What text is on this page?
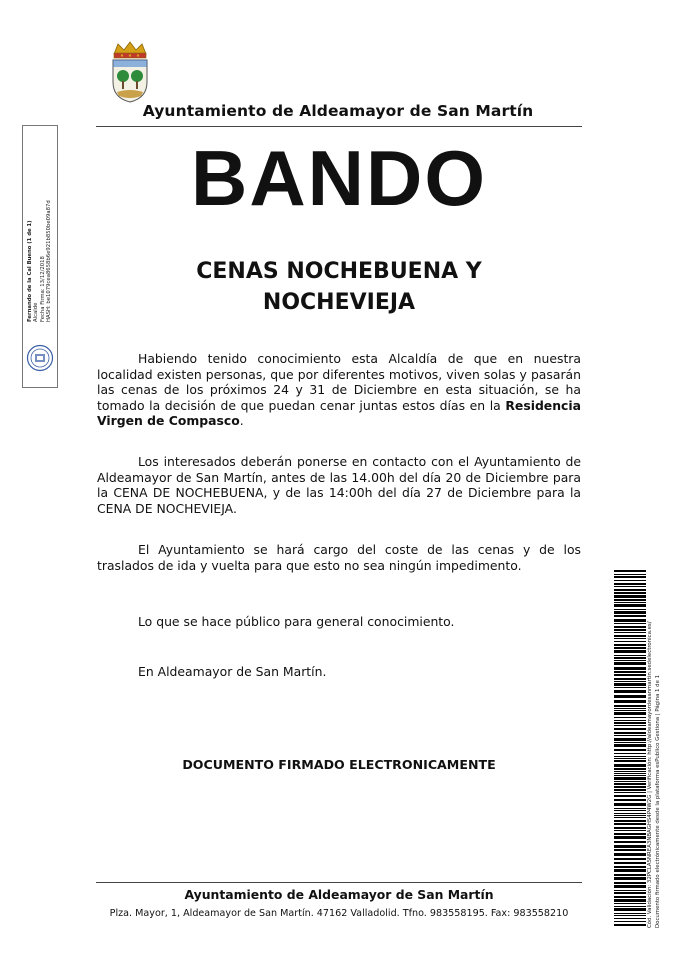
Ayuntamiento de Aldeamayor de San Martín
BANDO
CENAS NOCHEBUENA Y
NOCHEVIEJA
Habiendo tenido conocimiento esta Alcaldía de que en nuestra localidad existen personas, que por diferentes motivos, viven solas y pasarán las cenas de los próximos 24 y 31 de Diciembre en esta situación, se ha tomado la decisión de que puedan cenar juntas estos días en la Residencia Virgen de Compasco.
Los interesados deberán ponerse en contacto con el Ayuntamiento de Aldeamayor de San Martín, antes de las 14.00h del día 20 de Diciembre para la CENA DE NOCHEBUENA, y de las 14:00h del día 27 de Diciembre para la CENA DE NOCHEVIEJA.
El Ayuntamiento se hará cargo del coste de las cenas y de los traslados de ida y vuelta para que esto no sea ningún impedimento.
Lo que se hace público para general conocimiento.
En Aldeamayor de San Martín.
DOCUMENTO FIRMADO ELECTRONICAMENTE
Ayuntamiento de Aldeamayor de San Martín
Plza. Mayor, 1, Aldeamayor de San Martín. 47162 Valladolid. Tfno. 983558195. Fax: 983558210
Fernando de la Cal Bueno (1 de 1) Alcalde Fecha Firma: 13/12/2018 HASH: be1079cea8658b6e921b850be09a87d
Cód. Validación: 32PCLA5NREA3NBAGHS4P4W2G | Verificación: http://aldeamayordesanmartin.sedelectronica.es/ Documento firmado electrónicamente desde la plataforma esPublico Gestiona | Página 1 de 1
